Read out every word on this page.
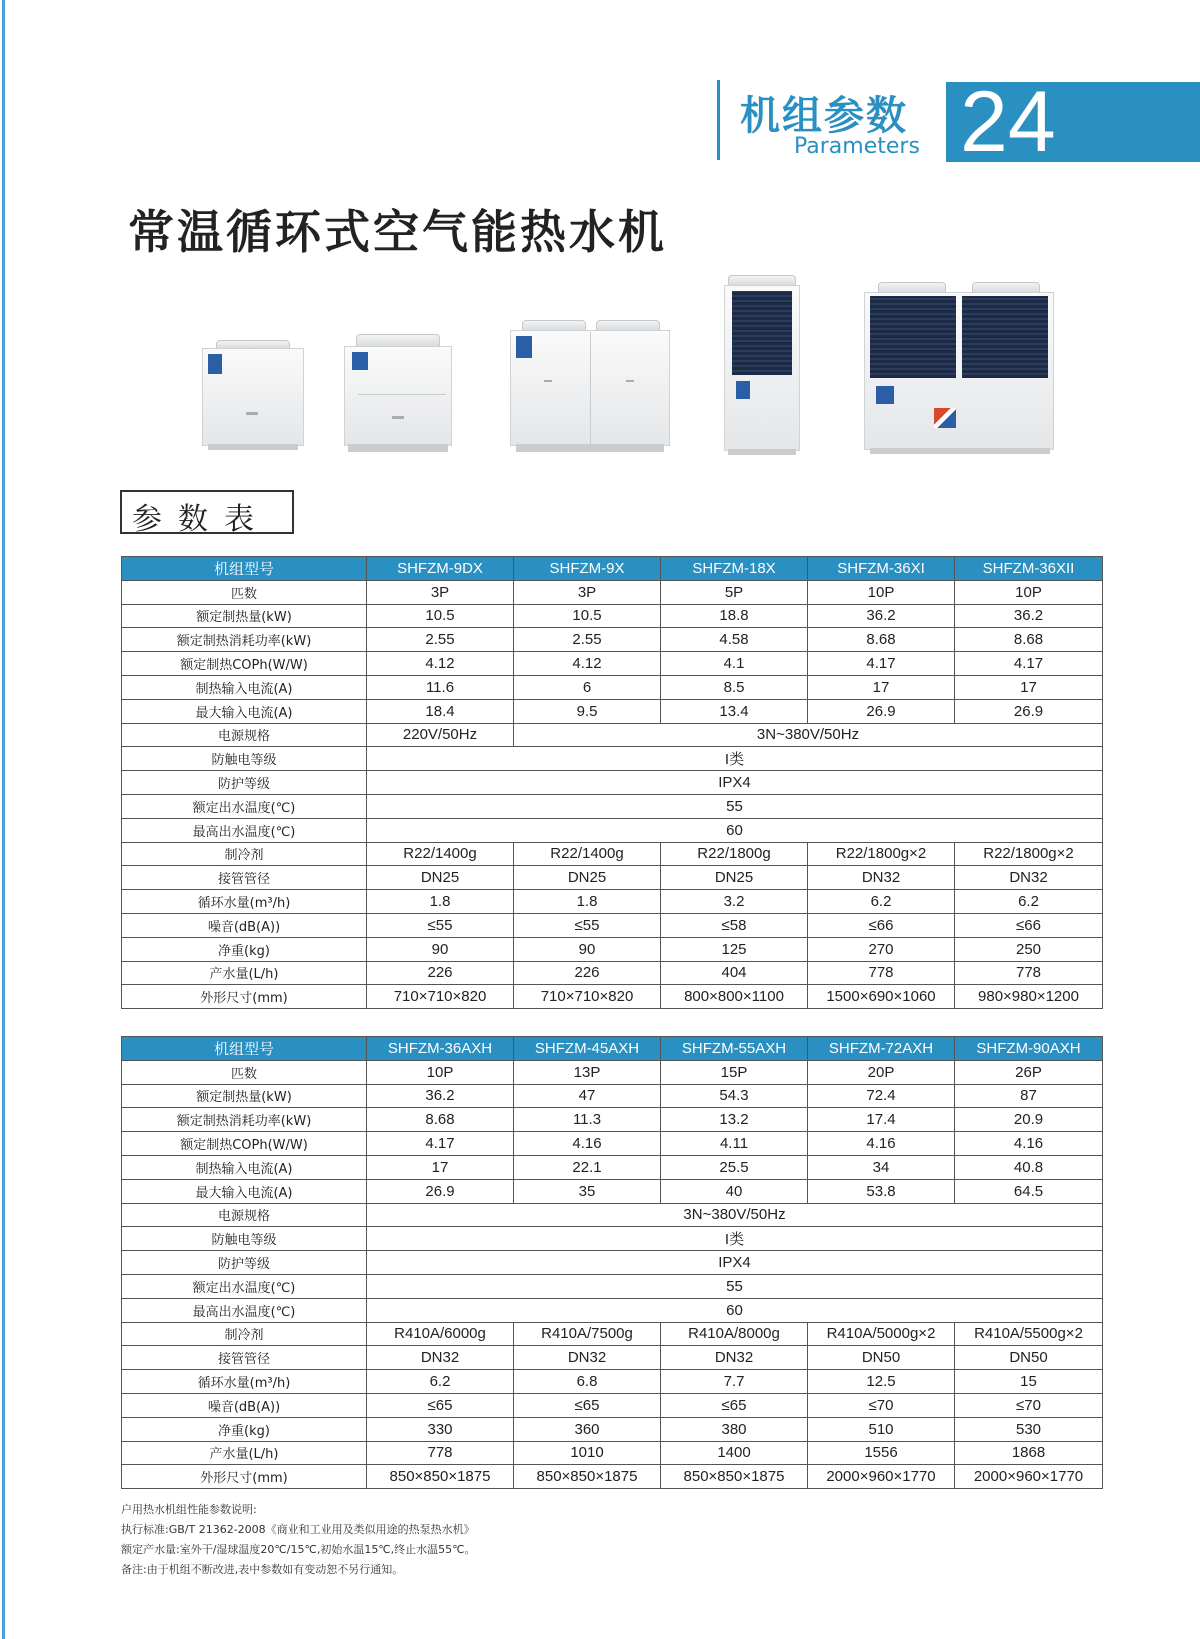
机组参数
Parameters 24
常温循环式空气能热水机
参数表
机组型号	SHFZM-9DX	SHFZM-9X	SHFZM-18X	SHFZM-36XI	SHFZM-36XII
匹数	3P	3P	5P	10P	10P
额定制热量(kW)	10.5	10.5	18.8	36.2	36.2
额定制热消耗功率(kW)	2.55	2.55	4.58	8.68	8.68
额定制热COPh(W/W)	4.12	4.12	4.1	4.17	4.17
制热输入电流(A)	11.6	6	8.5	17	17
最大输入电流(A)	18.4	9.5	13.4	26.9	26.9
电源规格	220V/50Hz	3N~380V/50Hz			
防触电等级	I类				
防护等级	IPX4				
额定出水温度(℃)	55				
最高出水温度(℃)	60				
制冷剂	R22/1400g	R22/1400g	R22/1800g	R22/1800g×2	R22/1800g×2
接管管径	DN25	DN25	DN25	DN32	DN32
循环水量(m³/h)	1.8	1.8	3.2	6.2	6.2
噪音(dB(A))	≤55	≤55	≤58	≤66	≤66
净重(kg)	90	90	125	270	250
产水量(L/h)	226	226	404	778	778
外形尺寸(mm)	710×710×820	710×710×820	800×800×1100	1500×690×1060	980×980×1200
机组型号	SHFZM-36AXH	SHFZM-45AXH	SHFZM-55AXH	SHFZM-72AXH	SHFZM-90AXH
匹数	10P	13P	15P	20P	26P
额定制热量(kW)	36.2	47	54.3	72.4	87
额定制热消耗功率(kW)	8.68	11.3	13.2	17.4	20.9
额定制热COPh(W/W)	4.17	4.16	4.11	4.16	4.16
制热输入电流(A)	17	22.1	25.5	34	40.8
最大输入电流(A)	26.9	35	40	53.8	64.5
电源规格	3N~380V/50Hz				
防触电等级	I类				
防护等级	IPX4				
额定出水温度(℃)	55				
最高出水温度(℃)	60				
制冷剂	R410A/6000g	R410A/7500g	R410A/8000g	R410A/5000g×2	R410A/5500g×2
接管管径	DN32	DN32	DN32	DN50	DN50
循环水量(m³/h)	6.2	6.8	7.7	12.5	15
噪音(dB(A))	≤65	≤65	≤65	≤70	≤70
净重(kg)	330	360	380	510	530
产水量(L/h)	778	1010	1400	1556	1868
外形尺寸(mm)	850×850×1875	850×850×1875	850×850×1875	2000×960×1770	2000×960×1770
户用热水机组性能参数说明:
执行标准:GB/T 21362-2008《商业和工业用及类似用途的热泵热水机》
额定产水量:室外干/湿球温度20℃/15℃,初始水温15℃,终止水温55℃。
备注:由于机组不断改进,表中参数如有变动恕不另行通知。
